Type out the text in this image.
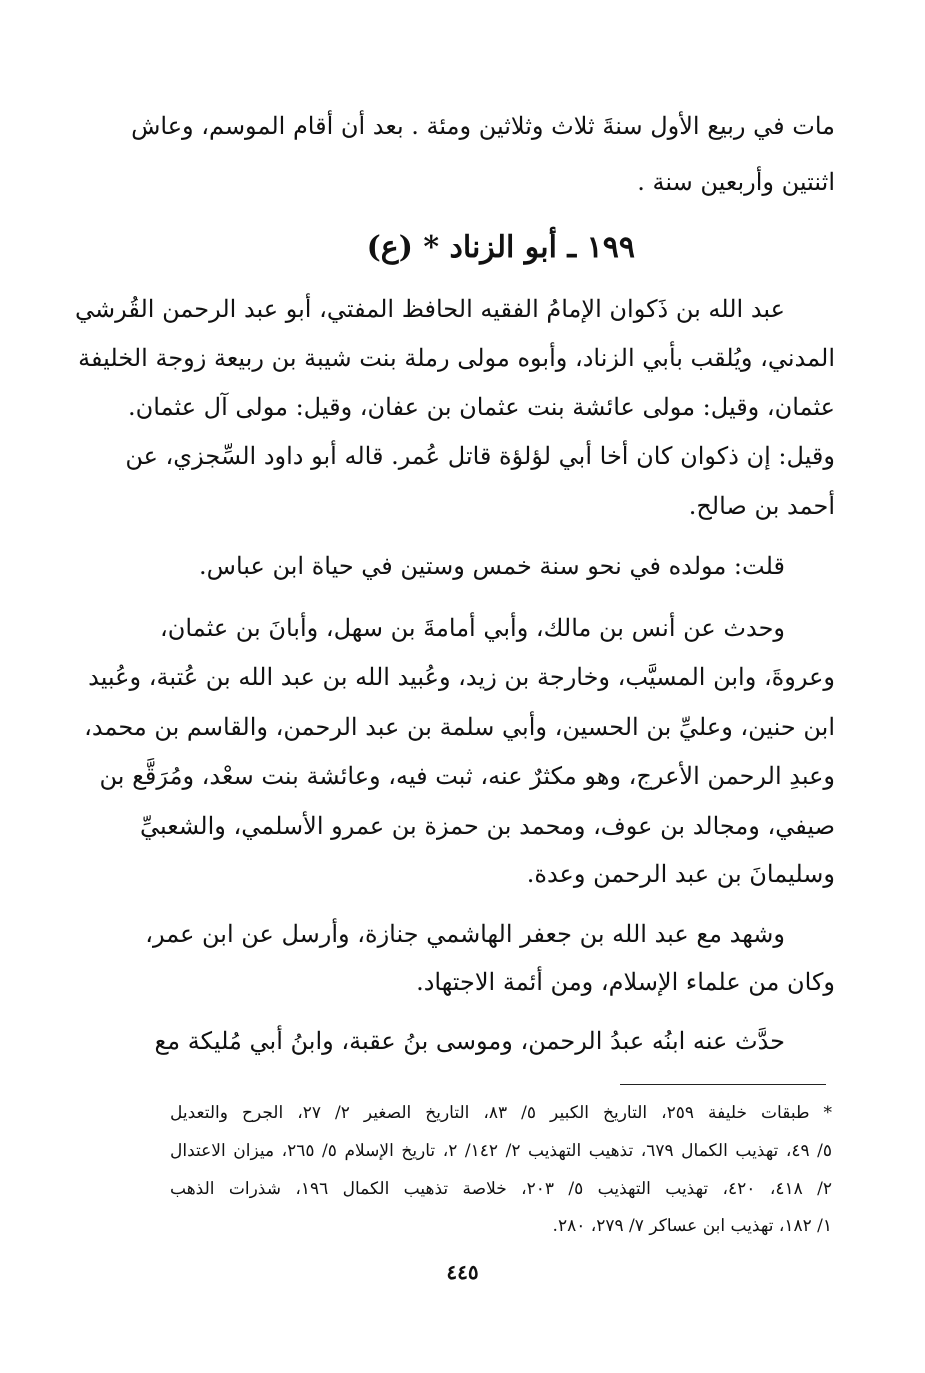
مات في ربيع الأول سنةَ ثلاث وثلاثين ومئة . بعد أن أقام الموسم، وعاش
اثنتين وأربعين سنة .
١٩٩ ـ أبو الزناد * (ع)
عبد الله بن ذَكوان الإمامُ الفقيه الحافظ المفتي، أبو عبد الرحمن القُرشي
المدني، ويُلقب بأبي الزناد، وأبوه مولى رملة بنت شيبة بن ربيعة زوجة الخليفة
عثمان، وقيل: مولى عائشة بنت عثمان بن عفان، وقيل: مولى آل عثمان.
وقيل: إن ذكوان كان أخا أبي لؤلؤة قاتل عُمر. قاله أبو داود السِّجزي، عن
أحمد بن صالح.
قلت: مولده في نحو سنة خمس وستين في حياة ابن عباس.
وحدث عن أنس بن مالك، وأبي أمامةَ بن سهل، وأبانَ بن عثمان،
وعروةَ، وابن المسيَّب، وخارجة بن زيد، وعُبيد الله بن عبد الله بن عُتبة، وعُبيد
ابن حنين، وعليِّ بن الحسين، وأبي سلمة بن عبد الرحمن، والقاسم بن محمد،
وعبدِ الرحمن الأعرج، وهو مكثرٌ عنه، ثبت فيه، وعائشة بنت سعْد، ومُرَقَّع بن
صيفي، ومجالد بن عوف، ومحمد بن حمزة بن عمرو الأسلمي، والشعبيِّ
وسليمانَ بن عبد الرحمن وعدة.
وشهد مع عبد الله بن جعفر الهاشمي جنازة، وأرسل عن ابن عمر،
وكان من علماء الإسلام، ومن أئمة الاجتهاد.
حدَّث عنه ابنُه عبدُ الرحمن، وموسى بنُ عقبة، وابنُ أبي مُليكة مع
* طبقات خليفة ٢٥٩، التاريخ الكبير ٥/ ٨٣، التاريخ الصغير ٢/ ٢٧، الجرح والتعديل
٥/ ٤٩، تهذيب الكمال ٦٧٩، تذهيب التهذيب ٢/ ١٤٢/ ٢، تاريخ الإسلام ٥/ ٢٦٥، ميزان الاعتدال
٢/ ٤١٨، ٤٢٠، تهذيب التهذيب ٥/ ٢٠٣، خلاصة تذهيب الكمال ١٩٦، شذرات الذهب
١/ ١٨٢، تهذيب ابن عساكر ٧/ ٢٧٩، ٢٨٠.
٤٤٥
